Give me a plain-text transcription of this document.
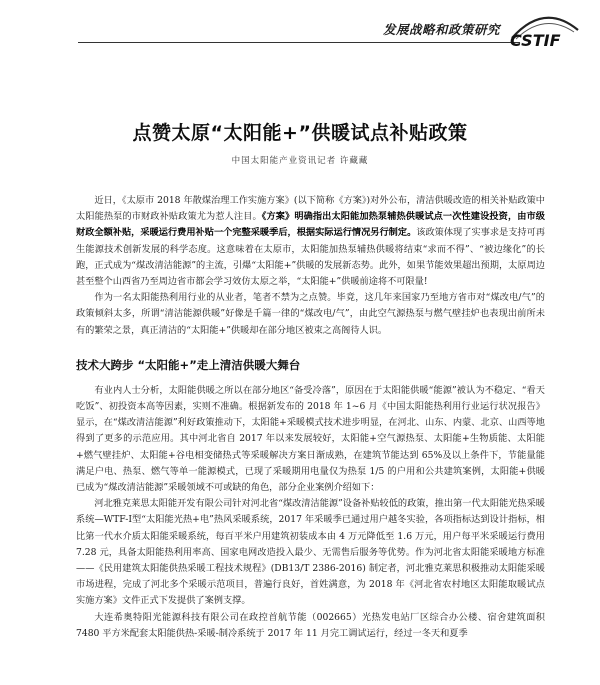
发展战略和政策研究
CSTIF
点赞太原“太阳能+”供暖试点补贴政策
中国太阳能产业资讯记者 许藏藏

近日，《太原市 2018 年散煤治理工作实施方案》(以下简称《方案》)对外公布，清洁供暖改造的相关补贴政策中太阳能热泵的市财政补贴政策尤为惹人注目。《方案》明确指出太阳能加热泵辅热供暖试点一次性建设投资，由市级财政全额补贴，采暖运行费用补贴一个完整采暖季后，根据实际运行情况另行制定。该政策体现了实事求是支持可再生能源技术创新发展的科学态度。这意味着在太原市，太阳能加热泵辅热供暖将结束“求而不得”、“被边缘化”的长跑，正式成为“煤改清洁能源”的主流，引爆“太阳能+”供暖的发展新态势。此外，如果节能效果超出预期，太原周边甚至整个山西省乃至周边省市都会学习效仿太原之举，“太阳能+”供暖前途将不可限量!

作为一名太阳能热利用行业的从业者，笔者不禁为之点赞。毕竟，这几年来国家乃至地方省市对“煤改电/气”的政策倾斜太多，所谓“清洁能源供暖”好像是千篇一律的“煤改电/气”，由此空气源热泵与燃气壁挂炉也表现出前所未有的繁荣之景，真正清洁的“太阳能+”供暖却在部分地区被束之高阁待人识。

技术大跨步 “太阳能+”走上清洁供暖大舞台

有业内人士分析，太阳能供暖之所以在部分地区“备受冷落”，原因在于太阳能供暖“能源”被认为不稳定、“看天吃饭”、初投资本高等因素，实则不准确。根据新发布的 2018 年 1~6 月《中国太阳能热利用行业运行状况报告》显示，在“煤改清洁能源”利好政策推动下，太阳能+采暖模式技术进步明显，在河北、山东、内蒙、北京、山西等地得到了更多的示范应用。其中河北省自 2017 年以来发展较好，太阳能+空气源热泵、太阳能+生物质能、太阳能+燃气壁挂炉、太阳能+谷电相变储热式等采暖解决方案日渐成熟，在建筑节能达到 65%及以上条件下，节能量能满足户电、热泵、燃气等单一能源模式，已现了采暖期用电量仅为热泵 1/5 的户用和公共建筑案例，太阳能+供暖已成为“煤改清洁能源”采暖领域不可或缺的角色，部分企业案例介绍如下：

河北雅克莱思太阳能开发有限公司针对河北省“煤改清洁能源”设备补贴较低的政策，推出第一代太阳能光热采暖系统—WTF-Ⅰ型“太阳能光热+电”热风采暖系统，2017 年采暖季已通过用户越冬实验，各项指标达到设计指标，相比第一代水介质太阳能采暖系统，每百平米户用建筑初装成本由 4 万元降低至 1.6 万元，用户每平米采暖运行费用 7.28 元，具备太阳能热利用率高、国家电网改造投入最少、无需售后服务等优势。作为河北省太阳能采暖地方标准——《民用建筑太阳能供热采暖工程技术规程》(DB13/T 2386-2016) 制定者，河北雅克莱思积极推动太阳能采暖市场进程，完成了河北多个采暖示范项目，普遍行良好，首姓满意，为 2018 年《河北省农村地区太阳能取暖试点实施方案》文件正式下发提供了案例支撑。

大连希奥特阳光能源科技有限公司在政控首航节能（002665）光热发电站厂区综合办公楼、宿舍建筑面积 7480 平方米配套太阳能供热-采暖-制冷系统于 2017 年 11 月完工调试运行，经过一冬天和夏季
